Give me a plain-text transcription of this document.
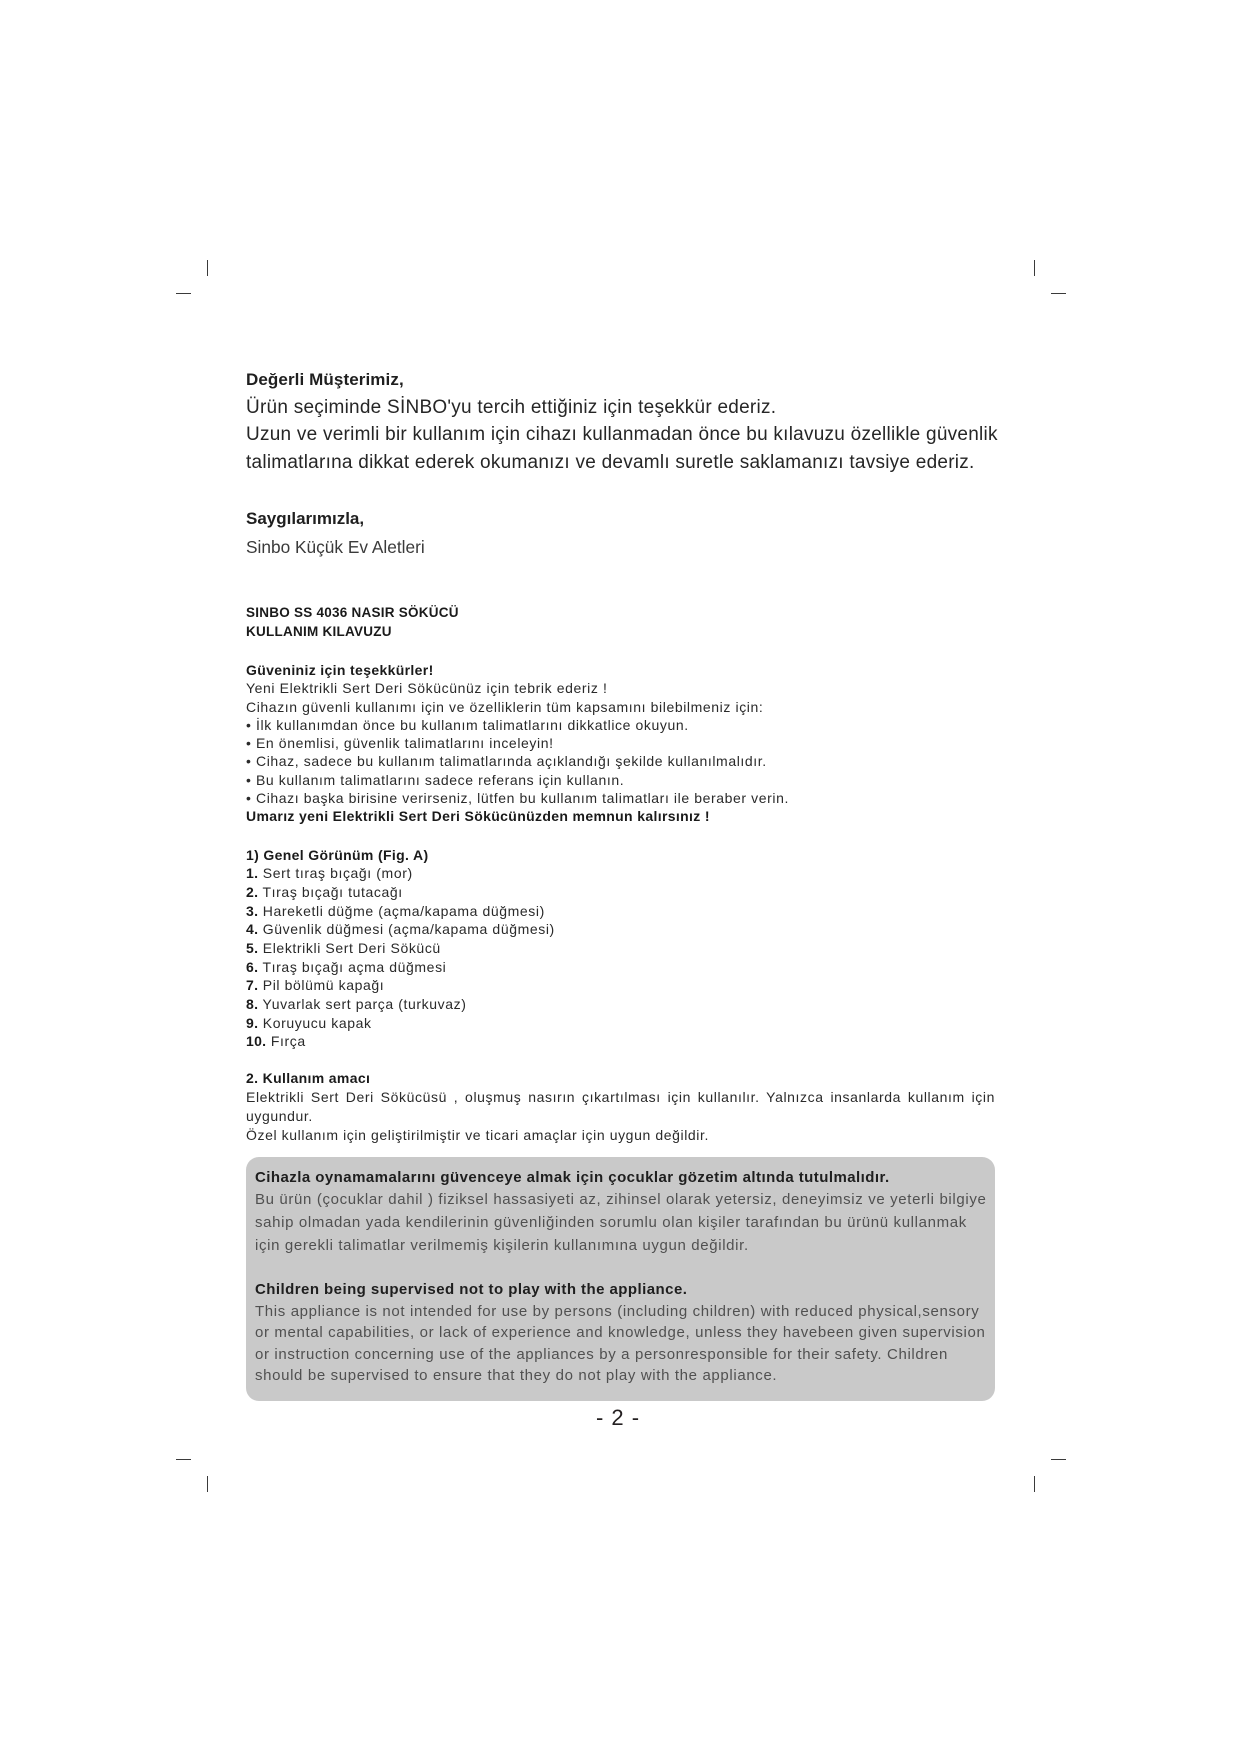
Değerli Müşterimiz,
Ürün seçiminde SİNBO'yu tercih ettiğiniz için teşekkür ederiz.
Uzun ve verimli bir kullanım için cihazı kullanmadan önce bu kılavuzu özellikle güvenlik
talimatlarına dikkat ederek okumanızı ve devamlı suretle saklamanızı tavsiye ederiz.
Saygılarımızla,
Sinbo Küçük Ev Aletleri
SINBO SS 4036 NASIR SÖKÜCÜ
KULLANIM KILAVUZU
Güveniniz için teşekkürler!
Yeni Elektrikli Sert Deri Sökücünüz için tebrik ederiz !
Cihazın güvenli kullanımı için ve özelliklerin tüm kapsamını bilebilmeniz için:
• İlk kullanımdan önce bu kullanım talimatlarını dikkatlice okuyun.
• En önemlisi, güvenlik talimatlarını inceleyin!
• Cihaz, sadece bu kullanım talimatlarında açıklandığı şekilde kullanılmalıdır.
• Bu kullanım talimatlarını sadece referans için kullanın.
• Cihazı başka birisine verirseniz, lütfen bu kullanım talimatları ile beraber verin.
Umarız yeni Elektrikli Sert Deri Sökücünüzden memnun kalırsınız !
1) Genel Görünüm (Fig. A)
1. Sert tıraş bıçağı (mor)
2. Tıraş bıçağı tutacağı
3. Hareketli düğme (açma/kapama düğmesi)
4. Güvenlik düğmesi (açma/kapama düğmesi)
5. Elektrikli Sert Deri Sökücü
6. Tıraş bıçağı açma düğmesi
7. Pil bölümü kapağı
8. Yuvarlak sert parça (turkuvaz)
9. Koruyucu kapak
10. Fırça
2. Kullanım amacı
Elektrikli Sert Deri Sökücüsü , oluşmuş nasırın çıkartılması için kullanılır. Yalnızca insanlarda kullanım için
uygundur.
Özel kullanım için geliştirilmiştir ve ticari amaçlar için uygun değildir.
Cihazla oynamamalarını güvenceye almak için çocuklar gözetim altında tutulmalıdır.
Bu ürün (çocuklar dahil ) fiziksel hassasiyeti az, zihinsel olarak yetersiz, deneyimsiz ve yeterli bilgiye
sahip olmadan yada kendilerinin güvenliğinden sorumlu olan kişiler tarafından bu ürünü kullanmak
için gerekli talimatlar verilmemiş kişilerin kullanımına uygun değildir.
Children being supervised not to play with the appliance.
This appliance is not intended for use by persons (including children) with reduced physical,sensory
or mental capabilities, or lack of experience and knowledge, unless they havebeen given supervision
or instruction concerning use of the appliances by a personresponsible for their safety. Children
should be supervised to ensure that they do not play with the appliance.
- 2 -
